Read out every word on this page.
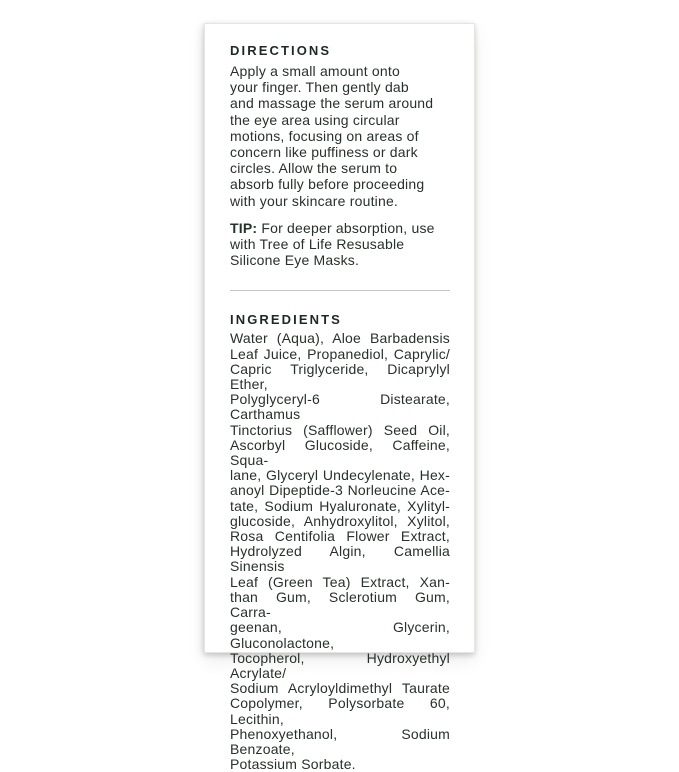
DIRECTIONS
Apply a small amount onto
your finger. Then gently dab
and massage the serum around
the eye area using circular
motions, focusing on areas of
concern like puffiness or dark
circles. Allow the serum to
absorb fully before proceeding
with your skincare routine.
TIP: For deeper absorption, use
with Tree of Life Resusable
Silicone Eye Masks.
INGREDIENTS
Water (Aqua), Aloe Barbadensis
Leaf Juice, Propanediol, Caprylic/
Capric Triglyceride, Dicaprylyl Ether,
Polyglyceryl-6 Distearate, Carthamus
Tinctorius (Safflower) Seed Oil,
Ascorbyl Glucoside, Caffeine, Squa-
lane, Glyceryl Undecylenate, Hex-
anoyl Dipeptide-3 Norleucine Ace-
tate, Sodium Hyaluronate, Xylityl-
glucoside, Anhydroxylitol, Xylitol,
Rosa Centifolia Flower Extract,
Hydrolyzed Algin, Camellia Sinensis
Leaf (Green Tea) Extract, Xan-
than Gum, Sclerotium Gum, Carra-
geenan, Glycerin, Gluconolactone,
Tocopherol, Hydroxyethyl Acrylate/
Sodium Acryloyldimethyl Taurate
Copolymer, Polysorbate 60, Lecithin,
Phenoxyethanol, Sodium Benzoate,
Potassium Sorbate.
